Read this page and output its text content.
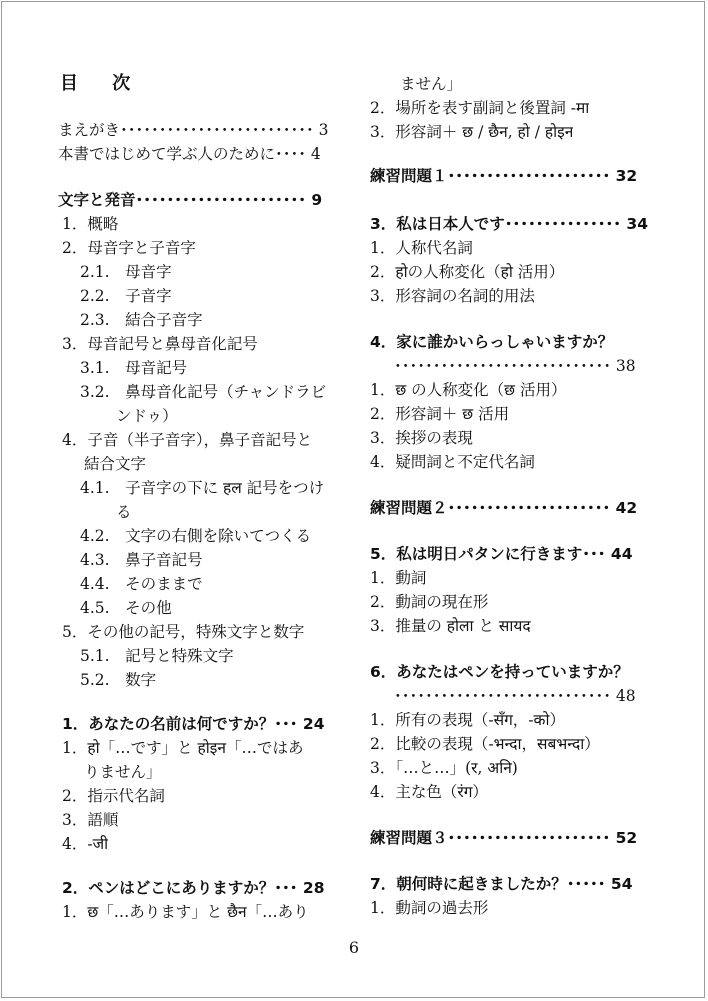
目 次
まえがき･････････････････････････ 3
本書ではじめて学ぶ人のために････ 4
文字と発音･･････････････････････ 9
1．概略
2．母音字と子音字
2.1.　母音字
2.2.　子音字
2.3.　結合子音字
3．母音記号と鼻母音化記号
3.1.　母音記号
3.2.　鼻母音化記号（チャンドラビ
ンドゥ）
4．子音（半子音字），鼻子音記号と
結合文字
4.1.　子音字の下に हल 記号をつけ
る
4.2.　文字の右側を除いてつくる
4.3.　鼻子音記号
4.4.　そのままで
4.5.　その他
5．その他の記号，特殊文字と数字
5.1.　記号と特殊文字
5.2.　数字
1．あなたの名前は何ですか？･･･ 24
1．हो「…です」と होइन「…ではあ
りません」
2．指示代名詞
3．語順
4．-जी
2．ペンはどこにありますか？･･･ 28
1．छ「…あります」と छैन「…あり
ません」
2．場所を表す副詞と後置詞 -मा
3．形容詞＋ छ / छैन, हो / होइन
練習問題１･････････････････････ 32
3．私は日本人です･･･････････････ 34
1．人称代名詞
2．होの人称変化（हो 活用）
3．形容詞の名詞的用法
4．家に誰かいらっしゃいますか？
････････････････････････････ 38
1．छ の人称変化（छ 活用）
2．形容詞＋ छ 活用
3．挨拶の表現
4．疑問詞と不定代名詞
練習問題２･････････････････････ 42
5．私は明日パタンに行きます･･･ 44
1．動詞
2．動詞の現在形
3．推量の होला と सायद
6．あなたはペンを持っていますか？
････････････････････････････ 48
1．所有の表現（-सँग，-को）
2．比較の表現（-भन्दा，सबभन्दा）
3．「…と…」(र, अनि)
4．主な色（रंग）
練習問題３･････････････････････ 52
7．朝何時に起きましたか？･････ 54
1．動詞の過去形
6
